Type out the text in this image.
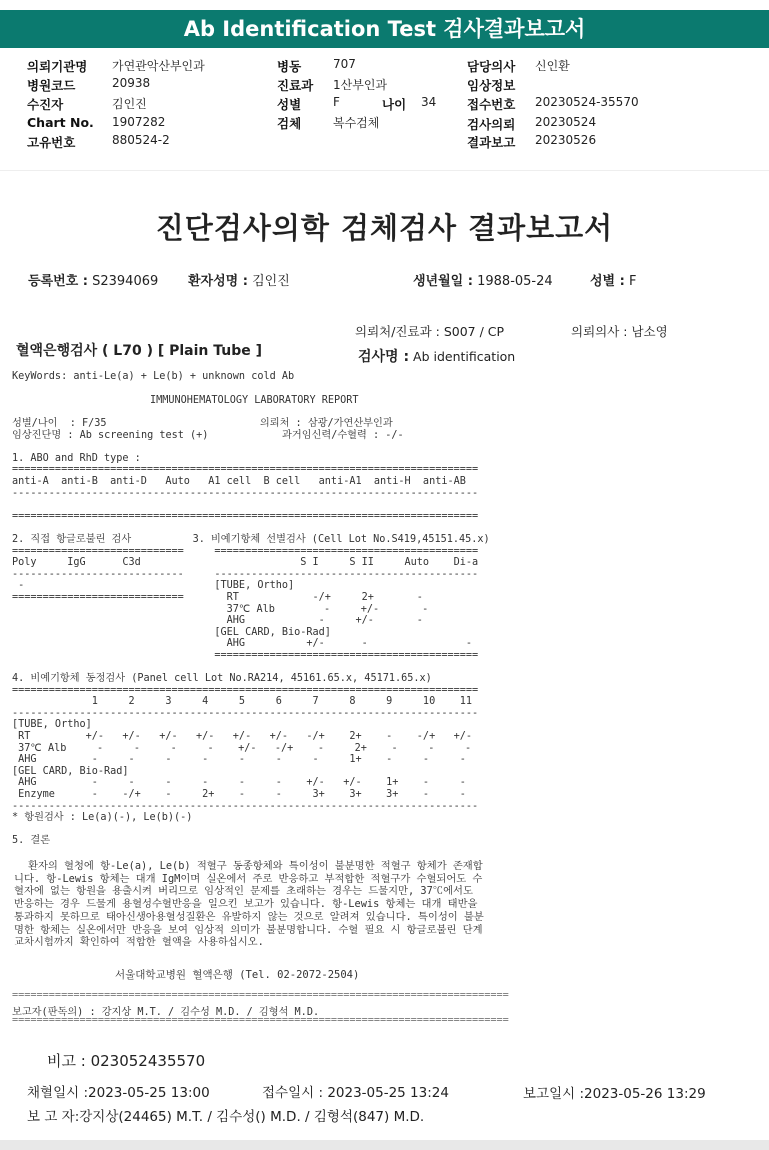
Ab Identification Test 검사결과보고서
의뢰기관명 가연관악산부인과
병원코드	20938
수진자	김인진
Chart No. 1907282
고유번호	880524-2
병동	707
진료과 1산부인과
성별	F	나이 34
검체	복수검체
담당의사 신인환
임상정보
접수번호 20230524-35570
검사의뢰 20230524
결과보고 20230526
진단검사의학 검체검사 결과보고서
등록번호 : S2394069 환자성명 : 김인진	생년월일 : 1988-05-24	성별 : F
의뢰처/진료과 : S007 / CP	의뢰의사 : 남소영
혈액은행검사 ( L70 ) [ Plain Tube ]	검사명 : Ab identification
KeyWords: anti-Le(a) + Le(b) + unknown cold Ab
IMMUNOHEMATOLOGY LABORATORY REPORT
성별/나이  : F/35                         의뢰처 : 삼광/가연산부인과
임상진단명 : Ab screening test (+)            과거임신력/수혈력 : -/-

1. ABO and RhD type :
============================================================================
anti-A  anti-B  anti-D   Auto   A1 cell  B cell   anti-A1  anti-H  anti-AB
----------------------------------------------------------------------------

============================================================================

2. 직접 항글로불린 검사          3. 비예기항체 선별검사 (Cell Lot No.S419,45151.45.x)
============================     ===========================================
Poly     IgG      C3d                          S I     S II     Auto    Di-a
----------------------------     -------------------------------------------
-                               [TUBE, Ortho]
============================       RT            -/+     2+       -
37℃ Alb        -     +/-       -
AHG            -     +/-       -
[GEL CARD, Bio-Rad]
AHG          +/-      -                -
===========================================

4. 비예기항체 동정검사 (Panel cell Lot No.RA214, 45161.65.x, 45171.65.x)
============================================================================
1     2     3     4     5     6     7     8     9     10    11
----------------------------------------------------------------------------
[TUBE, Ortho]
RT         +/-   +/-   +/-   +/-   +/-   +/-   -/+    2+    -    -/+   +/-
37℃ Alb     -     -     -     -    +/-   -/+    -     2+    -     -     -
AHG         -     -     -     -     -     -     -     1+    -     -     -
[GEL CARD, Bio-Rad]
AHG         -     -     -     -     -     -    +/-   +/-    1+    -     -
Enzyme      -    -/+    -     2+    -     -     3+    3+    3+    -     -
----------------------------------------------------------------------------
* 항원검사 : Le(a)(-), Le(b)(-)

5. 결론

환자의 혈청에 항-Le(a), Le(b) 적혈구 동종항체와 특이성이 불분명한 적혈구 항체가 존재합니다. 항-Lewis 항체는 대개 IgM이며 실온에서 주로 반응하고 부적합한 적혈구가 수혈되어도 수혈자에 없는 항원을 용출시켜 버리므로 임상적인 문제를 초래하는 경우는 드물지만, 37℃에서도 반응하는 경우 드물게 용혈성수혈반응을 일으킨 보고가 있습니다. 항-Lewis 항체는 대개 태반을 통과하지 못하므로 태아신생아용혈성질환은 유발하지 않는 것으로 알려져 있습니다. 특이성이 불분명한 항체는 실온에서만 반응을 보여 임상적 의미가 불분명합니다. 수혈 필요 시 항글로불린 단계 교차시험까지 확인하여 적합한 혈액을 사용하십시오.

서울대학교병원 혈액은행 (Tel. 02-2072-2504)
=================================================================================
보고자(판독의) : 강지상 M.T. / 김수성 M.D. / 김형석 M.D.
=================================================================================
비고 : 023052435570
채혈일시 :2023-05-25 13:00	접수일시 : 2023-05-25 13:24	보고일시 :2023-05-26 13:29
보 고 자:강지상(24465) M.T. / 김수성() M.D. / 김형석(847) M.D.
